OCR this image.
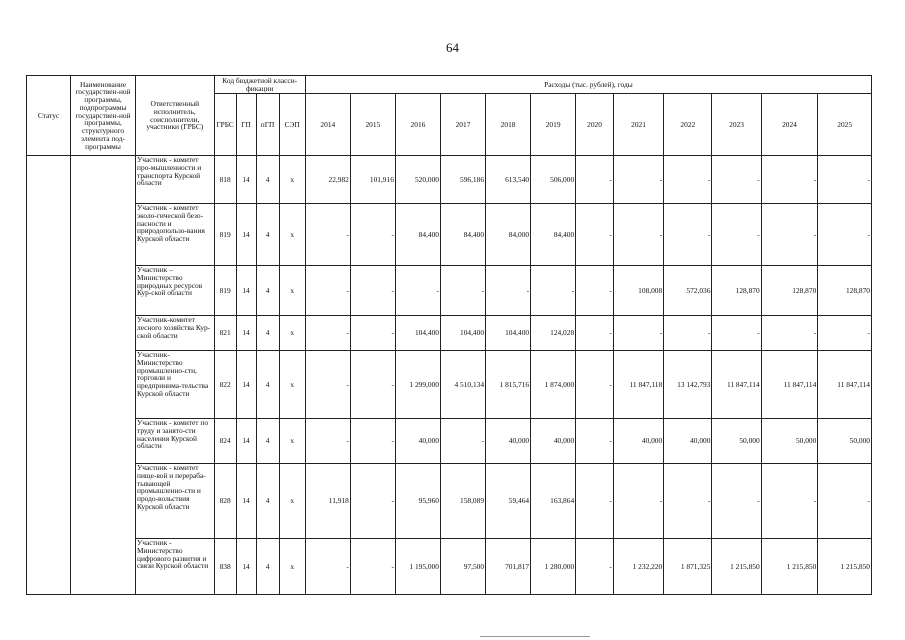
64
Статус	Наименование государствен-ной программы, подпрограммы государствен-ной программы, структурного элемента под-программы	Ответственный исполнитель, соисполнители, участники (ГРБС)	Код бюджетной класси-фикации				Расходы (тыс. рублей), годы											
			ГРБС	ГП	пГП	СЭП	2014	2015	2016	2017	2018	2019	2020	2021	2022	2023	2024	2025
		Участник - комитет про-мышленности и транспорта Курской области	818	14	4	х	22,982	101,916	520,000	596,186	613,540	506,000	-	-	-	-	-	-
		Участник - комитет эколо-гической безо-пасности и природопользо-вания Курской области	819	14	4	х	-	-	84,400	84,400	84,000	84,400	-	-	-	-	-	-
		Участник – Министерство природных ресурсов Кур-ской области	819	14	4	х	-	-	-	-	-	-	-	108,008	572,036	128,870	128,870	128,870
		Участник-комитет лесного хозяйства Кур-ской области	821	14	4	х	-	-	104,400	104,400	104,400	124,028	-	-	-	-	-	-
		Участник-Министерство промышленно-сти, торговли и предпринима-тельства Курской области	822	14	4	х	-	-	1 299,000	4 510,134	1 815,716	1 874,000	-	11 847,118	13 142,793	11 847,114	11 847,114	11 847,114
		Участник - комитет по труду и занято-сти населения Курской области	824	14	4	х	-	-	40,000	-	40,000	40,000	-	40,000	40,000	50,000	50,000	50,000
		Участник - комитет пище-вой и перераба-тывающей промышленно-сти и продо-вольствия Курской области	828	14	4	х	11,918	-	95,960	158,089	59,464	163,864	-	-	-	-	-	-
		Участник - Министерство цифрового развития и связи Курской области	838	14	4	х	-	-	1 195,000	97,500	701,817	1 280,000	-	1 232,220	1 871,325	1 215,850	1 215,850	1 215,850
